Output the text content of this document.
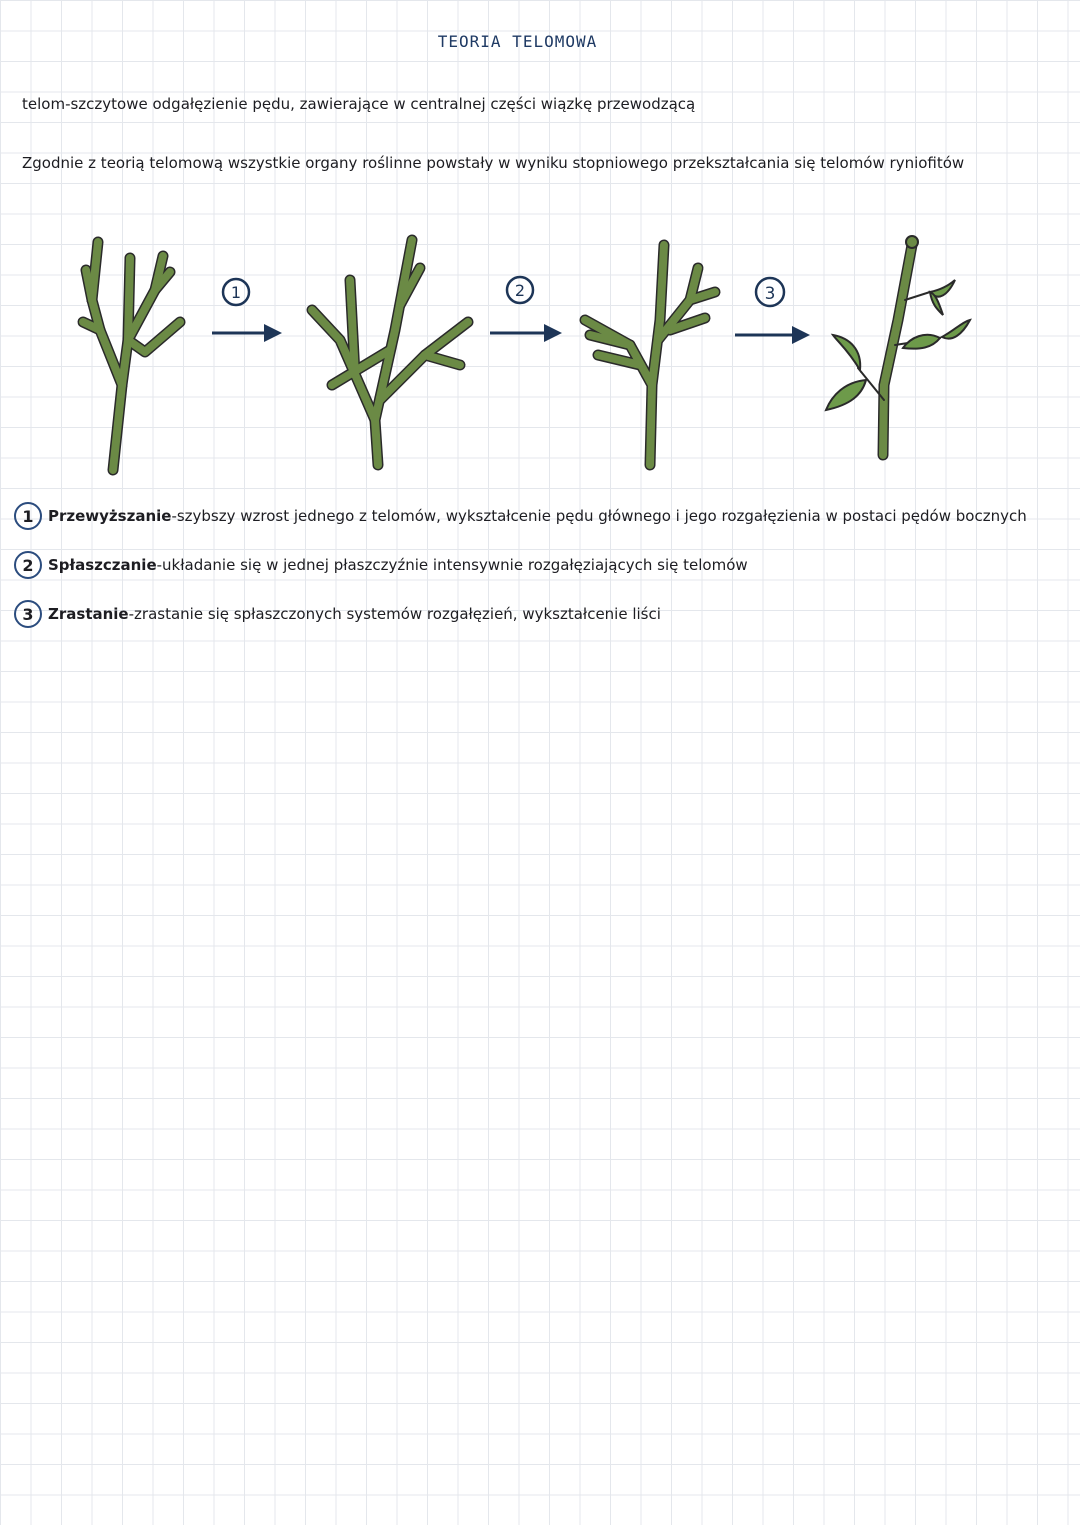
TEORIA TELOMOWA
telom-szczytowe odgałęzienie pędu, zawierające w centralnej części wiązkę przewodzącą
Zgodnie z teorią telomową wszystkie organy roślinne powstały w wyniku stopniowego przekształcania się telomów ryniofitów
1	2	3
1 Przewyższanie-szybszy wzrost jednego z telomów, wykształcenie pędu głównego i jego rozgałęzienia w postaci pędów bocznych
2 Spłaszczanie-układanie się w jednej płaszczyźnie intensywnie rozgałęziających się telomów
3 Zrastanie-zrastanie się spłaszczonych systemów rozgałęzień, wykształcenie liści
